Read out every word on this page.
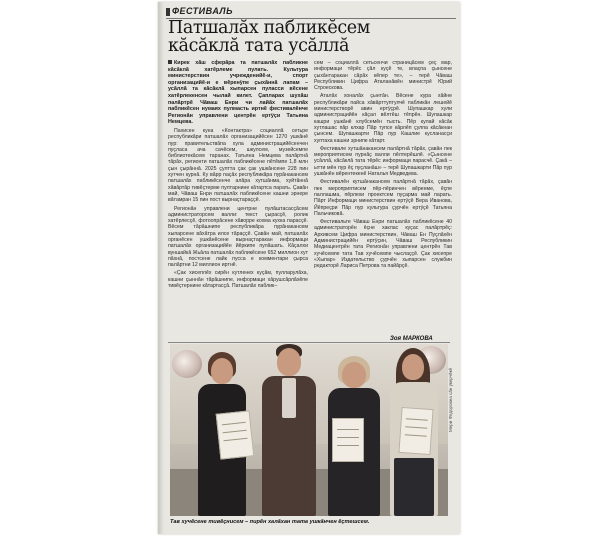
ФЕСТИВАЛЬ
Патшалăх пабликĕсем
кăсăклă тата усăллă

Кирек хăш сферăра та патшалăх пабликне кăсăклă хатĕрлеме пулать. Культура министерствин учрежденийĕ-и, спорт организацийĕ-и е вĕренÿпе çыхăннă лапам – усăллă та кăсăклă хыпарсен пуласси вĕсене хатĕрлекенсен чылай килет. Çапларах шухăш палăртрĕ Чăваш Енри чи лайăх патшалăх пабликĕсен нумаях пулмасть иртнĕ фестивалĕнче Регионăн управлени центрĕн ертÿçи Татьяна Немцева.

Пахисен куна «Контактра» социаллă сетьре республикăри патшалăх организацийĕсен 1270 ушкăнĕ пур: правительствăпа хула администрацийĕсенчен пуçласа ача сачĕсем, шкулсем, музейсемпе библиотекăсем таранах. Татьяна Немцева палăртнă тăрăх, регионти патшалăх пабликĕсене пĕтĕмпе 1,8 млн çын çырăннă. 2025 çултта çак çак ушкăнсене 228 пин хутчен курнă. Ку вăрр паçăх республикăра пурăнакансем патшалăх пабликĕсенче алăра хутшăнма, хуйтăннă хăвăртăр тивĕçтерме пултарнине кăтартса парать. Çавăн май, Чăваш Енри патшалăх пабликĕсене кашни эрнере вăтамран 15 пин пост вырнаçтараççĕ.

Регионăн управлени центрне пулăштасасçăсем администраторсем валли: текст çырасçĕ, ролик хатĕрлесçĕ, фотоопрăсене хăворре кохма кухка парасçĕ. Вĕсем тăрăшнипе республикăра пурăнакансем хыпарсене вăхăтра илсе тăраççĕ. Çавăн май, патшалăх органĕсен ушкăнĕсене вырнаçтаракан информаци патшалăх организацийĕн йĕркипе пулăшать. Кăçалхи вуншайкă Жьăла патшалăх пабликĕсене 652 миллион хут пăхнă, постсене лайк пусса е комментари çырса палăртни 12 миллион иртнĕ.

«Çак хисеплĕх сирĕн кутленех куçăм, пулларулăха, кашни çыннăн тăрăшнипе, информаци хăрушсăрлăхĕпе тивĕçтернине кăтартасçă. Патшалăх паблик–

сем – социаллă сетьсенчи страницăсем çеç мар, информаци тĕрĕс çăл куçĕ те, влаçпа çынсене çыхăнтаракан сăрăх кĕпер те», – терĕ Чăваш Республикин Цифра Аталанăвĕн министрĕ Юрий Строескова.

Аталăх хоналăх çынтăн. Вĕсене кура хăйне республикăри пайса хăвăрттуптулчĕ пабликăн лешейĕ министерстворĕ авин ертÿçрĕ. Шупашкар хули администрацийĕн кăçал вĕлтĕш тĕпрĕн. Шупашкар кашри ушкăнĕ клубсемĕн тысть. Пĕр кулай кăсăк хутлашас пăр клхар Пăр тупсе кăрлĕп çулпа кăсăкнан çынсем. Шупашкарти Пăр пур Кашлие кусланасçи хуптаха кашни эрнипе кăтарт.

Фестивале хутшăнакансем палăртнă тăрăх, çавăн пек мероприятисем пурнăç валли пĕлтерĕшлĕ. «Çынсене усăллă, кăсăклă тата тĕрĕс информаци парасчĕ. Çакă – ытти мĕн пур ĕç пуçланăш» – терĕ Шупашкарти Пăр пур ушкăнĕн вĕрентекенĕ Наталья Медведева.

Фестивалĕн кутшăнакансем палăртнă тăрăх, çавăн пек мероприятисем пĕр-пĕринчен вĕренме, ĕçпе паллашма, пĕрлехи проектсем пуçарма май парать. Пăрт Информаци министерствин ертÿçĕ Вера Иванова, Йĕпреçри Пăр пур культура çурчĕн ертÿçĕ Татьяна Пальчиковă.

Фестивальте Чăваш Енри патшалăх пабликĕсене 40 администраторĕн ĕçне хаклас куçас палăртрĕç: Архивсем Цифра министерствин, Чăваш Ен Пуçлăхĕн Администрацийĕн ертÿçин, Чăваш Республикин Медиацентрĕн тата Регионăн управлени центрĕн Тав хучĕсемпе тата Тав хучĕсемпе чыслаççĕ. Çак хисепре «Хыпар» Издательство çурчĕн хыпарсен службин редакторĕ Лариса Петрова та пайăрçĕ.

Зоя МАРКОВА
Мери Федоровна сăн ÿкерчĕкĕ
Тав хучĕсене тивĕçнисем – пирĕн халăхан тата ушкăнчен ĕçтешсем.
